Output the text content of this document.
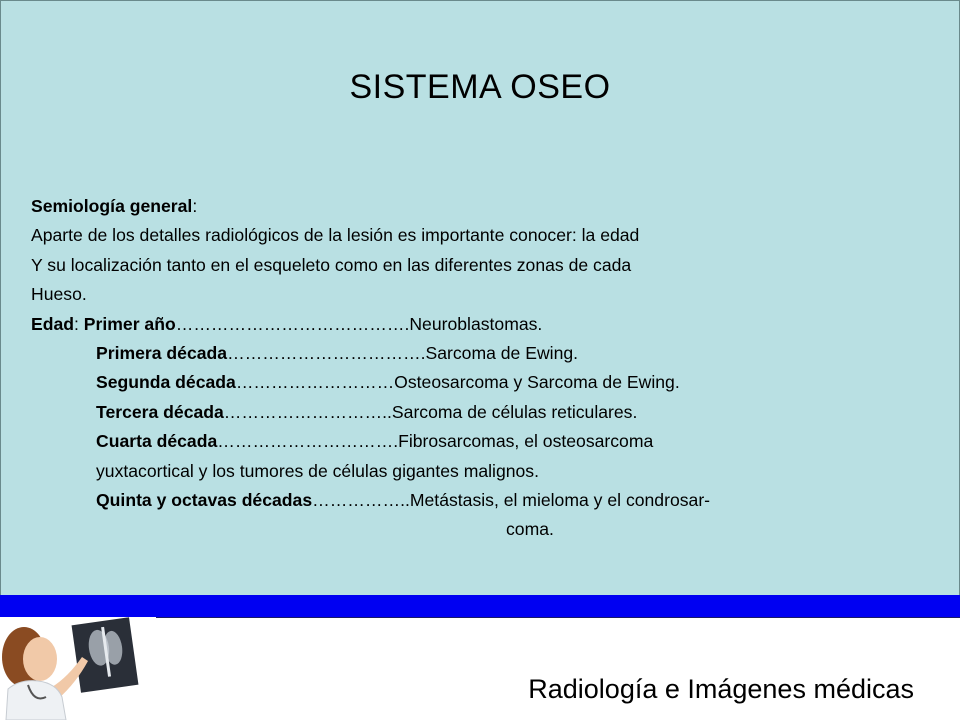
SISTEMA OSEO
Semiología general:
Aparte de los detalles radiológicos de la lesión es importante conocer: la edad
Y su localización tanto en el esqueleto como en las diferentes zonas de cada
Hueso.
Edad: Primer año………………………………….Neuroblastomas.
Primera década…………………………….Sarcoma de Ewing.
Segunda década………………………Osteosarcoma y Sarcoma de Ewing.
Tercera década………………………..Sarcoma de células reticulares.
Cuarta década………………………….Fibrosarcomas, el osteosarcoma
yuxtacortical y los tumores de células gigantes malignos.
Quinta y octavas décadas……………..Metástasis, el mieloma y el condrosar-
coma.
Radiología e Imágenes médicas
